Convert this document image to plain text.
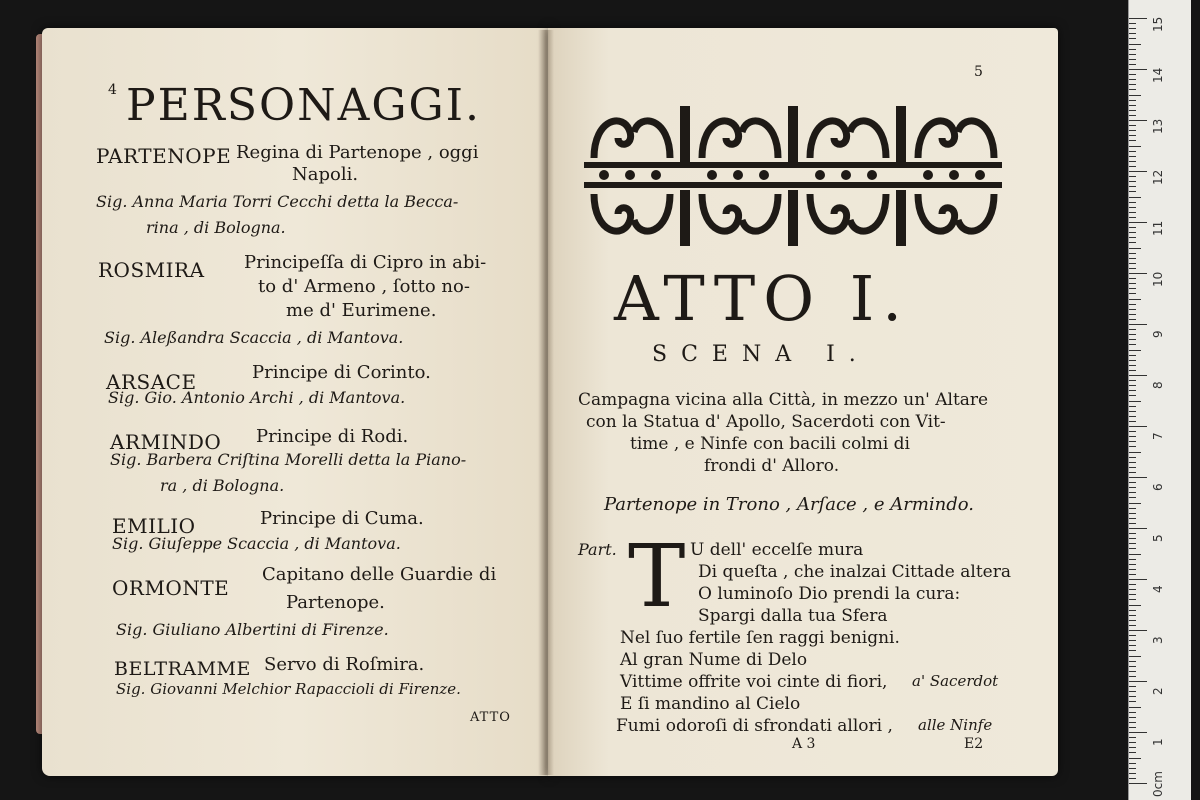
4 PERSONAGGI.
PARTENOPE Regina di Partenope , oggi
Napoli.
Sig. Anna Maria Torri Cecchi detta la Becca-
rina , di Bologna.
ROSMIRA Principeſſa di Cipro in abi-
to d' Armeno , ſotto no-
me d' Eurimene.
Sig. Aleßandra Scaccia , di Mantova.
ARSACE	Principe di Corinto.
Sig. Gio. Antonio Archi , di Mantova.
ARMINDO Principe di Rodi.
Sig. Barbera Criſtina Morelli detta la Piano-
ra , di Bologna.
EMILIO	Principe di Cuma.
Sig. Giuſeppe Scaccia , di Mantova.
ORMONTE
Capitano delle Guardie di
Partenope.
Sig. Giuliano Albertini di Firenze.
BELTRAMME Servo di Roſmira.
Sig. Giovanni Melchior Rapaccioli di Firenze.
ATTO
5
ATTO I.
SCENA I.
Campagna vicina alla Città, in mezzo un' Altare
con la Statua d' Apollo, Sacerdoti con Vit-
time , e Ninfe con bacili colmi di
frondi d' Alloro.
Partenope in Trono , Arſace , e Armindo.
Part. T U dell' eccelſe mura
Di queſta , che inalzai Cittade altera
O luminoſo Dio prendi la cura:
Spargi dalla tua Sfera
Nel ſuo fertile ſen raggi benigni.
Al gran Nume di Delo
Vittime offrite voi cinte di fiori,
E ſi mandino al Cielo
Fumi odoroſi di sfrondati allori ,
a' Sacerdot
alle Ninfe
A 3	E2
15
14
13
12
11
10
9
8
7
6
5
4
3
2
1
0cm
